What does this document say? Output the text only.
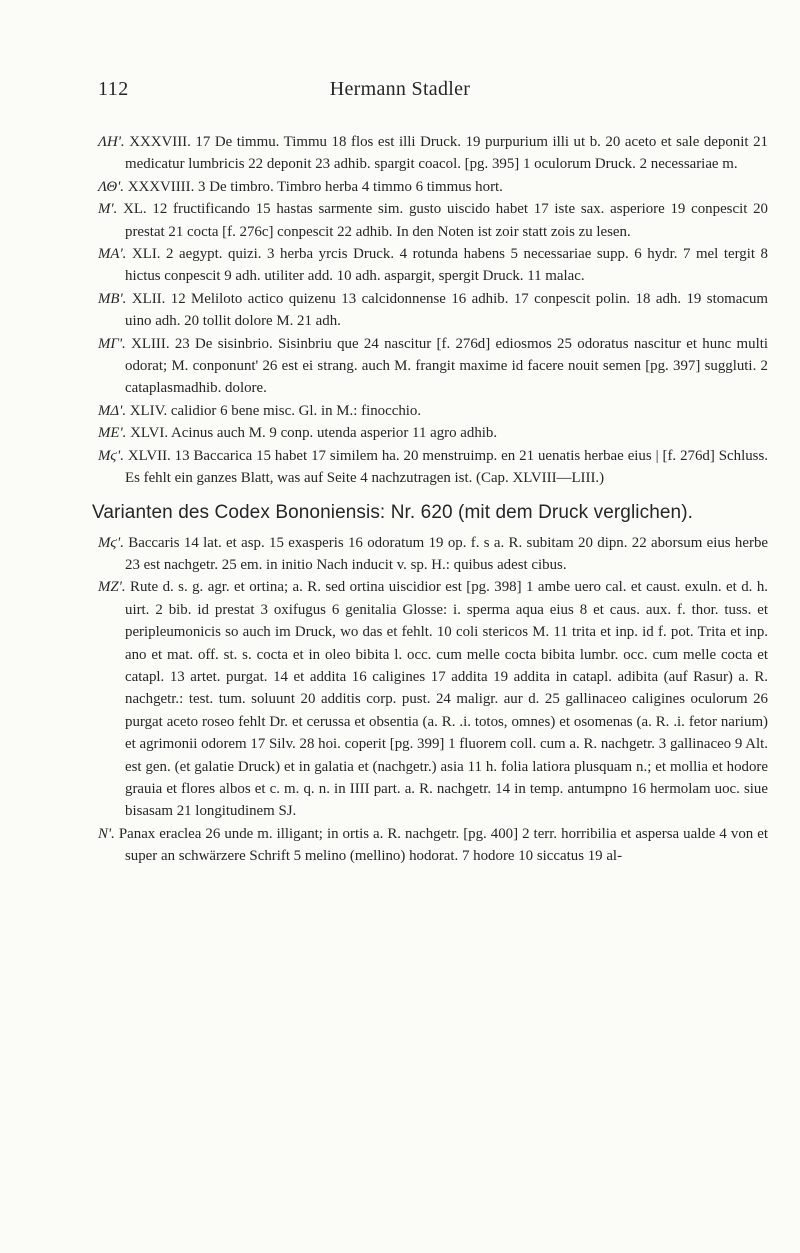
112	Hermann Stadler

ΛΗ'. XXXVIII. 17 De timmu. Timmu 18 flos est illi Druck. 19 purpurium illi ut b. 20 aceto et sale deponit 21 medicatur lumbricis 22 deponit 23 adhib. spargit coacol. [pg. 395] 1 oculorum Druck. 2 necessariae m.

ΛΘ'. XXXVIIII. 3 De timbro. Timbro herba 4 timmo 6 timmus hort.

Μ'. XL. 12 fructificando 15 hastas sarmente sim. gusto uiscido habet 17 iste sax. asperiore 19 conpescit 20 prestat 21 cocta [f. 276c] conpescit 22 adhib. In den Noten ist zoir statt zois zu lesen.

ΜΑ'. XLI. 2 aegypt. quizi. 3 herba yrcis Druck. 4 rotunda habens 5 necessariae supp. 6 hydr. 7 mel tergit 8 hictus conpescit 9 adh. utiliter add. 10 adh. aspargit, spergit Druck. 11 malac.

ΜΒ'. XLII. 12 Meliloto actico quizenu 13 calcidonnense 16 adhib. 17 conpescit polin. 18 adh. 19 stomacum uino adh. 20 tollit dolore M. 21 adh.

ΜΓ'. XLIII. 23 De sisinbrio. Sisinbriu que 24 nascitur [f. 276d] ediosmos 25 odoratus nascitur et hunc multi odorat; M. conponunt' 26 est ei strang. auch M. frangit maxime id facere nouit semen [pg. 397] suggluti. 2 cataplasmadhib. dolore.

ΜΔ'. XLIV. calidior 6 bene misc. Gl. in M.: finocchio.

ΜΕ'. XLVI. Acinus auch M. 9 conp. utenda asperior 11 agro adhib.

Μϛ'. XLVII. 13 Baccarica 15 habet 17 similem ha. 20 menstruimp. en 21 uenatis herbae eius | [f. 276d] Schluss. Es fehlt ein ganzes Blatt, was auf Seite 4 nachzutragen ist. (Cap. XLVIII—LIII.)

Varianten des Codex Bononiensis: Nr. 620 (mit dem Druck verglichen).

Μϛ'. Baccaris 14 lat. et asp. 15 exasperis 16 odoratum 19 op. f. s a. R. subitam 20 dipn. 22 aborsum eius herbe 23 est nachgetr. 25 em. in initio Nach inducit v. sp. H.: quibus adest cibus.

ΜΖ'. Rute d. s. g. agr. et ortina; a. R. sed ortina uiscidior est [pg. 398] 1 ambe uero cal. et caust. exuln. et d. h. uirt. 2 bib. id prestat 3 oxifugus 6 genitalia Glosse: i. sperma aqua eius 8 et caus. aux. f. thor. tuss. et peripleumonicis so auch im Druck, wo das et fehlt. 10 coli stericos M. 11 trita et inp. id f. pot. Trita et inp. ano et mat. off. st. s. cocta et in oleo bibita l. occ. cum melle cocta bibita lumbr. occ. cum melle cocta et catapl. 13 artet. purgat. 14 et addita 16 caligines 17 addita 19 addita in catapl. adibita (auf Rasur) a. R. nachgetr.: test. tum. soluunt 20 additis corp. pust. 24 maligr. aur d. 25 gallinaceo caligines oculorum 26 purgat aceto roseo fehlt Dr. et cerussa et obsentia (a. R. .i. totos, omnes) et osomenas (a. R. .i. fetor narium) et agrimonii odorem 17 Silv. 28 hoi. coperit [pg. 399] 1 fluorem coll. cum a. R. nachgetr. 3 gallinaceo 9 Alt. est gen. (et galatie Druck) et in galatia et (nachgetr.) asia 11 h. folia latiora plusquam n.; et mollia et hodore grauia et flores albos et c. m. q. n. in IIII part. a. R. nachgetr. 14 in temp. antumpno 16 hermolam uoc. siue bisasam 21 longitudinem SJ.

Ν'. Panax eraclea 26 unde m. illigant; in ortis a. R. nachgetr. [pg. 400] 2 terr. horribilia et aspersa ualde 4 von et super an schwärzere Schrift 5 melino (mellino) hodorat. 7 hodore 10 siccatus 19 al-
